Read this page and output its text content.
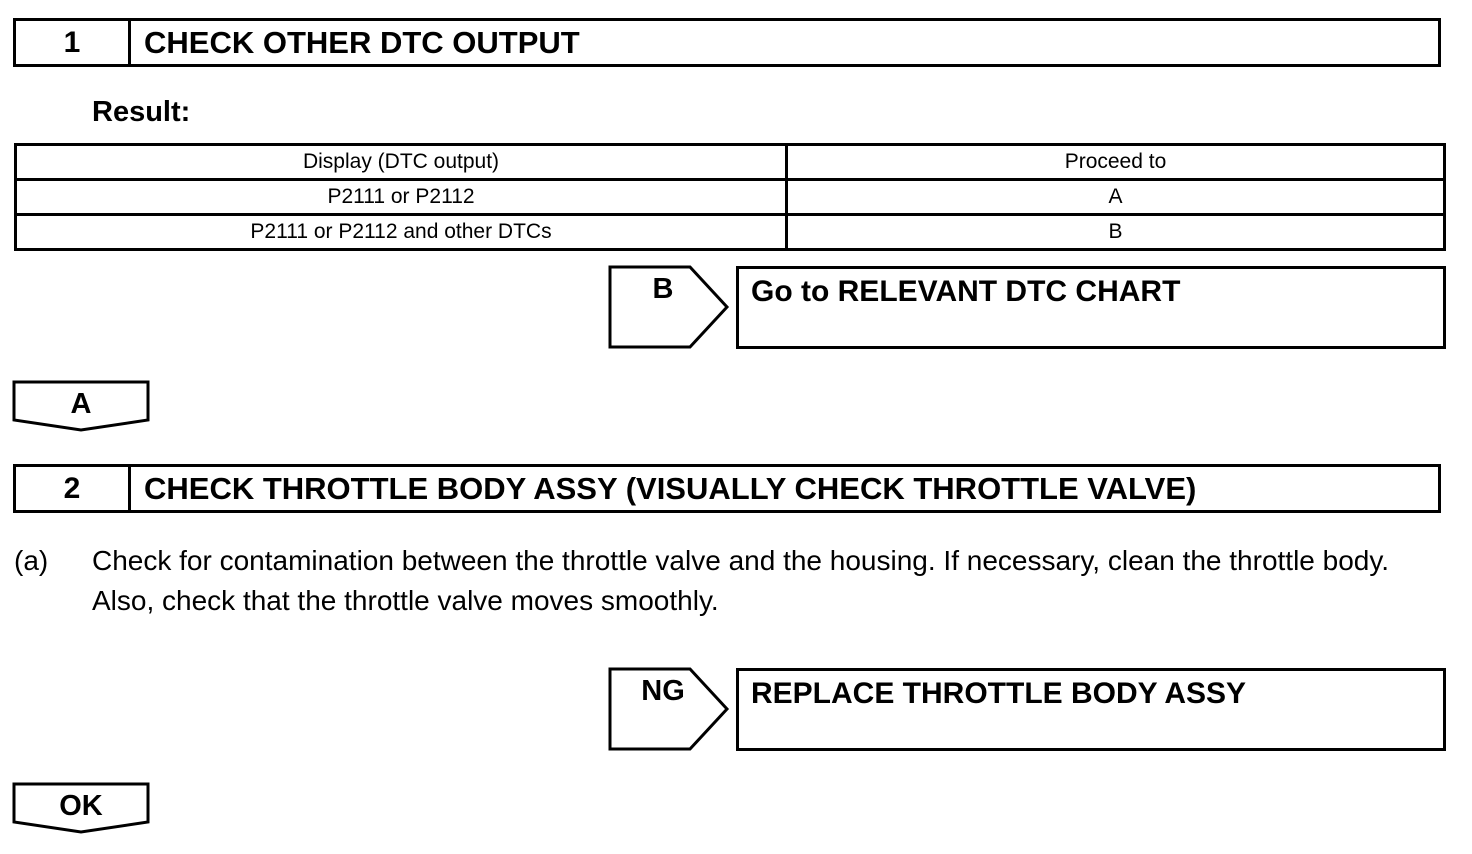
1	CHECK OTHER DTC OUTPUT
Result:
Display (DTC output)	Proceed to
P2111 or P2112	A
P2111 or P2112 and other DTCs	B
B	Go to RELEVANT DTC CHART
A
2	CHECK THROTTLE BODY ASSY (VISUALLY CHECK THROTTLE VALVE)
(a) Check for contamination between the throttle valve and the housing. If necessary, clean the throttle body.
Also, check that the throttle valve moves smoothly.
NG	REPLACE THROTTLE BODY ASSY
OK
